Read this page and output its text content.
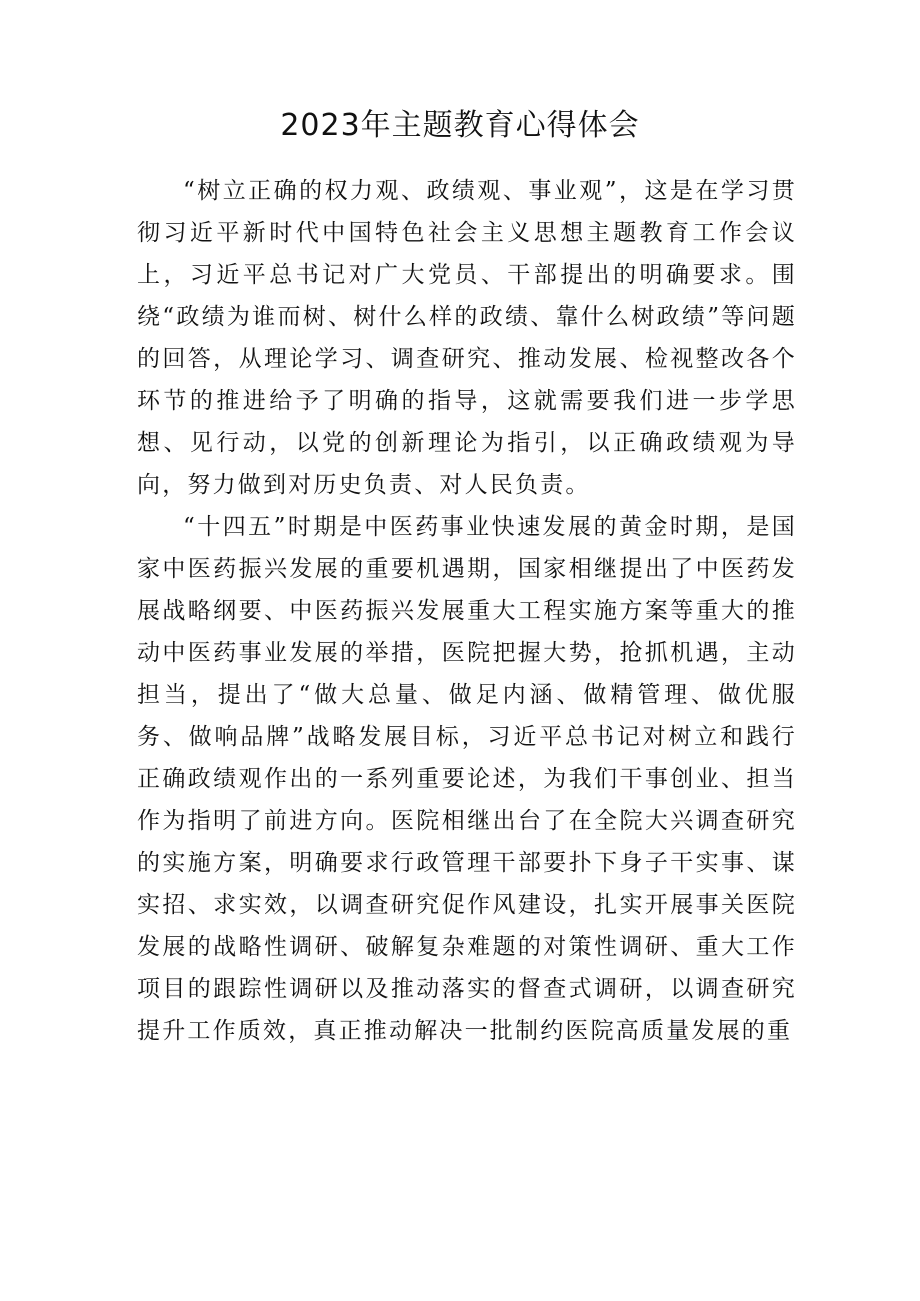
2023年主题教育心得体会

“树立正确的权力观、政绩观、事业观”，这是在学习贯彻习近平新时代中国特色社会主义思想主题教育工作会议上，习近平总书记对广大党员、干部提出的明确要求。围绕“政绩为谁而树、树什么样的政绩、靠什么树政绩”等问题的回答，从理论学习、调查研究、推动发展、检视整改各个环节的推进给予了明确的指导，这就需要我们进一步学思想、见行动，以党的创新理论为指引，以正确政绩观为导向，努力做到对历史负责、对人民负责。

“十四五”时期是中医药事业快速发展的黄金时期，是国家中医药振兴发展的重要机遇期，国家相继提出了中医药发展战略纲要、中医药振兴发展重大工程实施方案等重大的推动中医药事业发展的举措，医院把握大势，抢抓机遇，主动担当，提出了“做大总量、做足内涵、做精管理、做优服务、做响品牌”战略发展目标，习近平总书记对树立和践行正确政绩观作出的一系列重要论述，为我们干事创业、担当作为指明了前进方向。医院相继出台了在全院大兴调查研究的实施方案，明确要求行政管理干部要扑下身子干实事、谋实招、求实效，以调查研究促作风建设，扎实开展事关医院发展的战略性调研、破解复杂难题的对策性调研、重大工作项目的跟踪性调研以及推动落实的督查式调研，以调查研究提升工作质效，真正推动解决一批制约医院高质量发展的重
